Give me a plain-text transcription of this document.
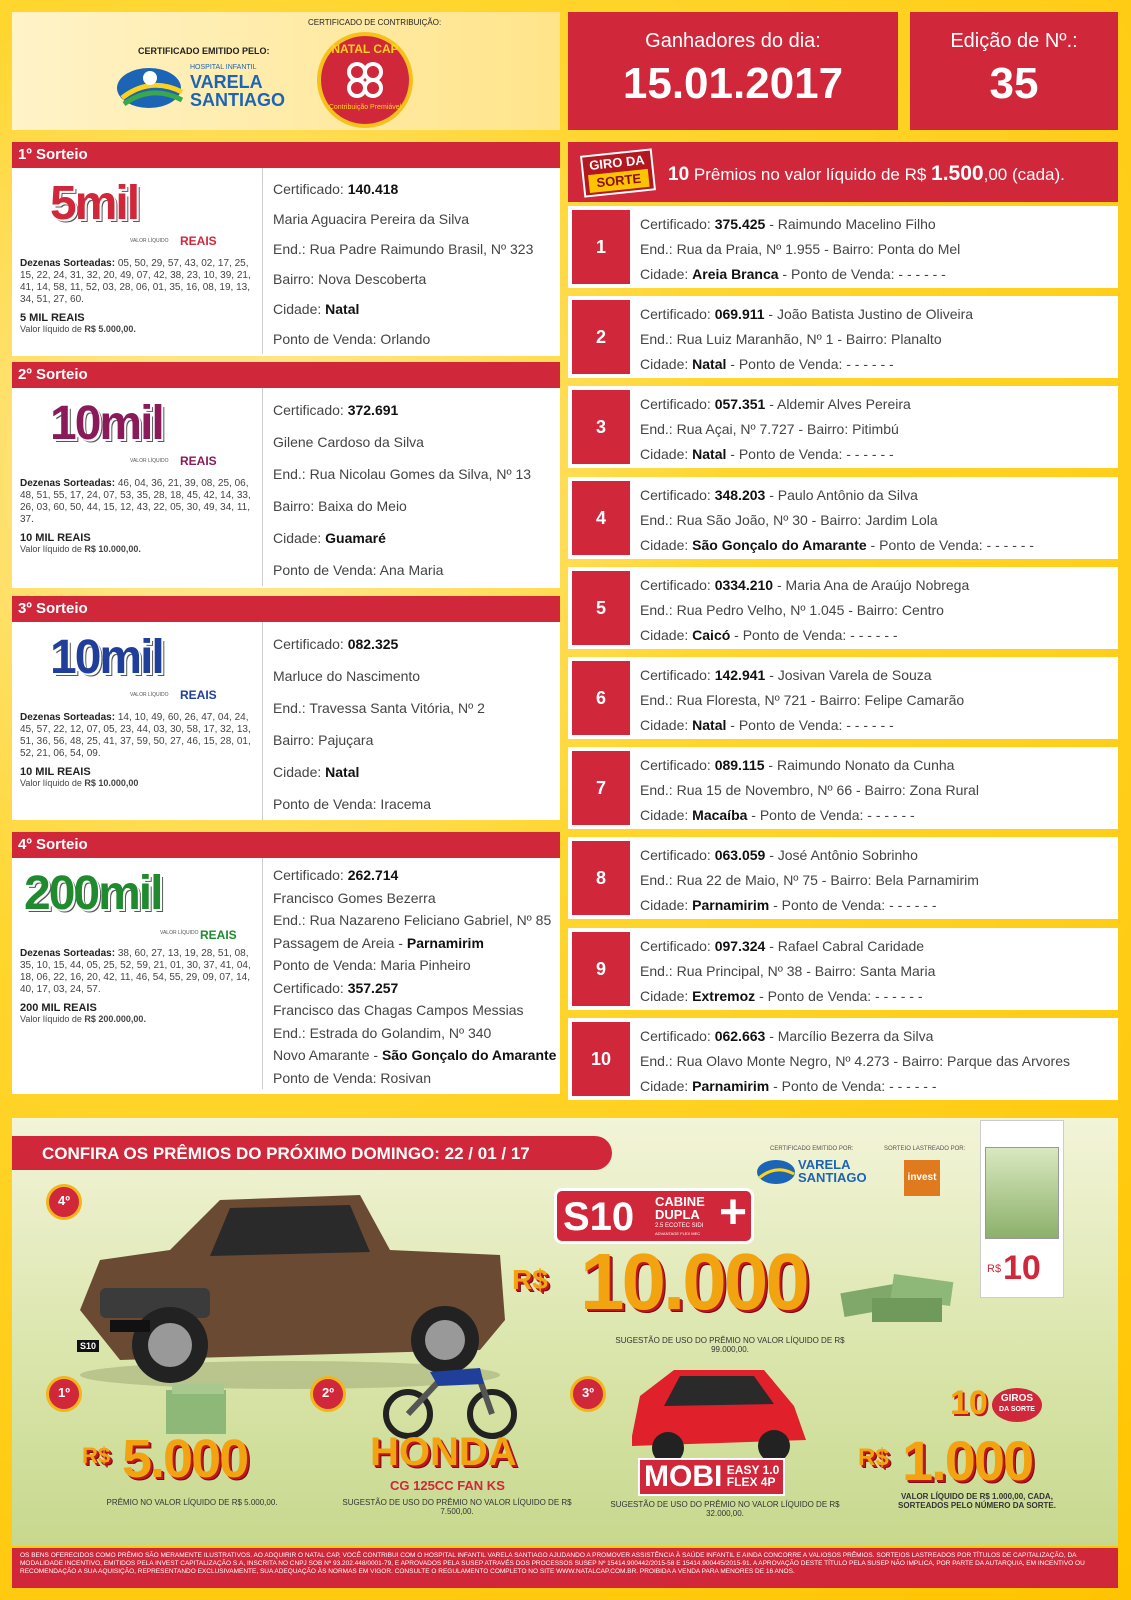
CERTIFICADO EMITIDO PELO:
HOSPITAL INFANTIL
VARELA
SANTIAGO
CERTIFICADO DE CONTRIBUIÇÃO:
NATAL CAP
Contribuição Premiável
Ganhadores do dia:
15.01.2017
Edição de Nº.:
35
1º Sorteio
5mil
REAIS
VALOR LÍQUIDO
Dezenas Sorteadas: 05, 50, 29, 57, 43, 02, 17, 25, 15, 22, 24, 31, 32, 20, 49, 07, 42, 38, 23, 10, 39, 21, 41, 14, 58, 11, 52, 03, 28, 06, 01, 35, 16, 08, 19, 13, 34, 51, 27, 60.
5 MIL REAIS
Valor líquido de R$ 5.000,00.
Certificado: 140.418
Maria Aguacira Pereira da Silva
End.: Rua Padre Raimundo Brasil, Nº 323
Bairro: Nova Descoberta
Cidade: Natal
Ponto de Venda: Orlando
2º Sorteio
10mil
REAIS
VALOR LÍQUIDO
Dezenas Sorteadas: 46, 04, 36, 21, 39, 08, 25, 06, 48, 51, 55, 17, 24, 07, 53, 35, 28, 18, 45, 42, 14, 33, 26, 03, 60, 50, 44, 15, 12, 43, 22, 05, 30, 49, 34, 11, 37.
10 MIL REAIS
Valor líquido de R$ 10.000,00.
Certificado: 372.691
Gilene Cardoso da Silva
End.: Rua Nicolau Gomes da Silva, Nº 13
Bairro: Baixa do Meio
Cidade: Guamaré
Ponto de Venda: Ana Maria
3º Sorteio
10mil
REAIS
VALOR LÍQUIDO
Dezenas Sorteadas: 14, 10, 49, 60, 26, 47, 04, 24, 45, 57, 22, 12, 07, 05, 23, 44, 03, 30, 58, 17, 32, 13, 51, 36, 56, 48, 25, 41, 37, 59, 50, 27, 46, 15, 28, 01, 52, 21, 06, 54, 09.
10 MIL REAIS
Valor líquido de R$ 10.000,00
Certificado: 082.325
Marluce do Nascimento
End.: Travessa Santa Vitória, Nº 2
Bairro: Pajuçara
Cidade: Natal
Ponto de Venda: Iracema
4º Sorteio
200mil
REAIS
VALOR LÍQUIDO
Dezenas Sorteadas: 38, 60, 27, 13, 19, 28, 51, 08, 35, 10, 15, 44, 05, 25, 52, 59, 21, 01, 30, 37, 41, 04, 18, 06, 22, 16, 20, 42, 11, 46, 54, 55, 29, 09, 07, 14, 40, 17, 03, 24, 57.
200 MIL REAIS
Valor líquido de R$ 200.000,00.
Certificado: 262.714
Francisco Gomes Bezerra
End.: Rua Nazareno Feliciano Gabriel, Nº 85
Passagem de Areia - Parnamirim
Ponto de Venda: Maria Pinheiro
Certificado: 357.257
Francisco das Chagas Campos Messias
End.: Estrada do Golandim, Nº 340
Novo Amarante - São Gonçalo do Amarante
Ponto de Venda: Rosivan
GIRO DA
SORTE	10 Prêmios no valor líquido de R$ 1.500,00 (cada).
1
Certificado: 375.425 - Raimundo Macelino Filho
End.: Rua da Praia, Nº 1.955 - Bairro: Ponta do Mel
Cidade: Areia Branca - Ponto de Venda: - - - - - -
2
Certificado: 069.911 - João Batista Justino de Oliveira
End.: Rua Luiz Maranhão, Nº 1 - Bairro: Planalto
Cidade: Natal - Ponto de Venda: - - - - - -
3
Certificado: 057.351 - Aldemir Alves Pereira
End.: Rua Açai, Nº 7.727 - Bairro: Pitimbú
Cidade: Natal - Ponto de Venda: - - - - - -
4
Certificado: 348.203 - Paulo Antônio da Silva
End.: Rua São João, Nº 30 - Bairro: Jardim Lola
Cidade: São Gonçalo do Amarante - Ponto de Venda: - - - - - -
5
Certificado: 0334.210 - Maria Ana de Araújo Nobrega
End.: Rua Pedro Velho, Nº 1.045 - Bairro: Centro
Cidade: Caicó - Ponto de Venda: - - - - - -
6
Certificado: 142.941 - Josivan Varela de Souza
End.: Rua Floresta, Nº 721 - Bairro: Felipe Camarão
Cidade: Natal - Ponto de Venda: - - - - - -
7
Certificado: 089.115 - Raimundo Nonato da Cunha
End.: Rua 15 de Novembro, Nº 66 - Bairro: Zona Rural
Cidade: Macaíba - Ponto de Venda: - - - - - -
8
Certificado: 063.059 - José Antônio Sobrinho
End.: Rua 22 de Maio, Nº 75 - Bairro: Bela Parnamirim
Cidade: Parnamirim - Ponto de Venda: - - - - - -
9
Certificado: 097.324 - Rafael Cabral Caridade
End.: Rua Principal, Nº 38 - Bairro: Santa Maria
Cidade: Extremoz - Ponto de Venda: - - - - - -
10
Certificado: 062.663 - Marcílio Bezerra da Silva
End.: Rua Olavo Monte Negro, Nº 4.273 - Bairro: Parque das Arvores
Cidade: Parnamirim - Ponto de Venda: - - - - - -
S10
4º
CERTIFICADO EMITIDO POR:
VARELA
SANTIAGO
SORTEIO LASTREADO POR:
invest
R$ 10
S10 CABINE
DUPLA
2.5 ECOTEC SIDI
ADVANTAGE FLEX MEC +
R$ 10.000
SUGESTÃO DE USO DO PRÊMIO NO VALOR LÍQUIDO DE R$ 99.000,00.
1º
R$ 5.000
PRÊMIO NO VALOR LÍQUIDO DE R$ 5.000,00.
2º
HONDA
CG 125CC FAN KS
SUGESTÃO DE USO DO PRÊMIO NO VALOR LÍQUIDO DE R$ 7.500,00.
3º
MOBI EASY 1.0
FLEX 4P
SUGESTÃO DE USO DO PRÊMIO NO VALOR LÍQUIDO DE R$ 32.000,00.
10	GIROS
DA SORTE
R$ 1.000
VALOR LÍQUIDO DE R$ 1.000,00, CADA,
SORTEADOS PELO NÚMERO DA SORTE.
CONFIRA OS PRÊMIOS DO PRÓXIMO DOMINGO: 22 / 01 / 17
OS BENS OFERECIDOS COMO PRÊMIO SÃO MERAMENTE ILUSTRATIVOS. AO ADQUIRIR O NATAL CAP, VOCÊ CONTRIBUI COM O HOSPITAL INFANTIL VARELA SANTIAGO AJUDANDO A PROMOVER ASSISTÊNCIA À SAÚDE INFANTIL E AINDA CONCORRE A VALIOSOS PRÊMIOS. SORTEIOS LASTREADOS POR TÍTULOS DE CAPITALIZAÇÃO, DA MODALIDADE INCENTIVO, EMITIDOS PELA INVEST CAPITALIZAÇÃO S.A, INSCRITA NO CNPJ SOB Nº 93.202.448/0001-79, E APROVADOS PELA SUSEP ATRAVÉS DOS PROCESSOS SUSEP Nº 15414.900442/2015-58 E 15414.900445/2015-91. A APROVAÇÃO DESTE TÍTULO PELA SUSEP NÃO IMPLICA, POR PARTE DA AUTARQUIA, EM INCENTIVO OU RECOMENDAÇÃO A SUA AQUISIÇÃO, REPRESENTANDO EXCLUSIVAMENTE, SUA ADEQUAÇÃO ÀS NORMAS EM VIGOR. CONSULTE O REGULAMENTO COMPLETO NO SITE WWW.NATALCAP.COM.BR. PROIBIDA A VENDA PARA MENORES DE 16 ANOS.
